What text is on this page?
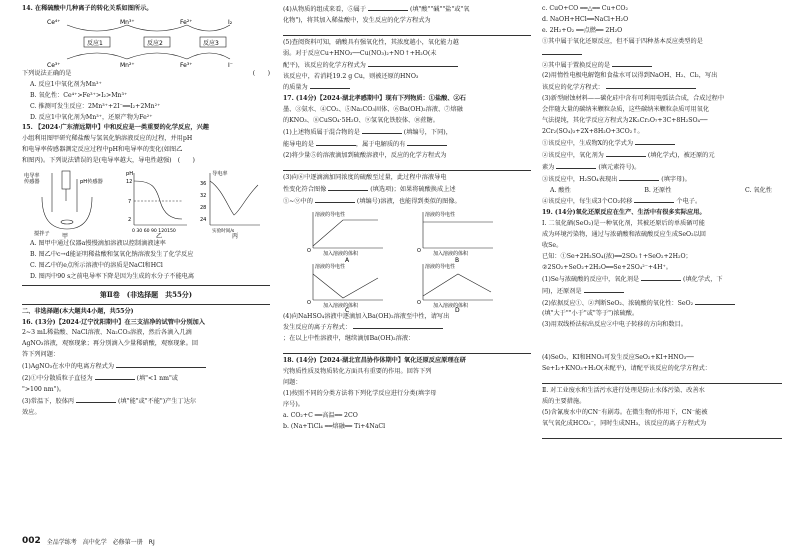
14. 在稀硫酸中几种离子的转化关系如图所示。
Ce⁴⁺
Ce³⁺
Mn³⁺
Mn²⁺
Fe²⁺
Fe³⁺
I₂
I⁻
反应1	反应2	反应3
下列说法正确的是	(　　)
A. 反应1中氧化剂为Mn³⁺
B. 氧化性：Ce⁴⁺>Fe³⁺>I₂>Mn³⁺
C. 推测可发生反应：2Mn³⁺+2I⁻══I₂+2Mn²⁺
D. 反应1中氧化剂为Mn³⁺，还原产物为Fe²⁺
15. 【2024·广东清远期中】中和反应是一类重要的化学反应，兴趣
小组利用图甲研究稀盐酸与氢氧化钠溶液反应的过程，并用pH
和电导率传感器测定反应过程中pH和电导率的变化(如图乙
和图丙)。下列说法错误的是(电导率越大，导电性越强)　(　　)
电导率
传感器	pH传感器
搅拌子
pH
12
7
2
0 30 60 90 120150
导电率
36
32
28
24
实验时间/s
甲	乙	丙
A. 图甲中通过仪器a慢慢滴加溶液以控制滴液速率
B. 图乙中c→d能证明稀盐酸和氢氧化钠溶液发生了化学反应
C. 图乙中的e点所示溶液中的溶质是NaCl和HCl
D. 图丙中90 s之前电导率下降是因为生成的水分子不能电离
第Ⅱ卷　(非选择题　共55分)
二、非选择题(本大题共4小题，共55分)
16. (13分)【2024·辽宁沈阳期中】在三支洁净的试管中分别加入
2~3 mL稀盐酸、NaCl溶液、Na₂CO₃溶液，然后各滴入几滴
AgNO₃溶液，观察现象；再分别滴入少量稀硝酸，观察现象。回
答下列问题：
(1)AgNO₃在水中的电离方程式为
(2)①中分散质粒子直径为	(填"<1 nm"或
">100 nm")。
(3)常温下，胶体丙	(填"能"或"不能")产生丁达尔
效应。
(4)从物质的组成来看，⑤属于	(填"酸""碱""盐"或"氧
化物")，将其加入稀盐酸中，发生反应的化学方程式为
(5)查阅资料可知，硝酸具有强氧化性，其浓度越小，氧化能力越
弱。对于反应Cu+HNO₃──Cu(NO₃)₂+NO↑+H₂O(未
配平)，该反应的化学方程式为
该反应中，若消耗19.2 g Cu，则被还原的HNO₃
的质量为
17. (14分)【2024·湖北孝感期中】现有下列物质：①盐酸、②石
墨、③氨水、④CO₂、⑤Na₂CO₃固体、⑥Ba(OH)₂溶液、⑦熔融
的KNO₃、⑧CuSO₄·5H₂O、⑨氢氧化铁胶体、⑩蔗糖。
(1)上述物质属于混合物的是	(填编号，下同)，
能导电的是	，属于电解质的有
(2)将少量⑤的溶液滴加到硫酸溶液中，反应的化学方程式为
(3)向⑥中逐滴滴加同浓度的硫酸至过量，此过程中溶液导电
性变化符合图像	(填选项)；如果将硫酸换成上述
①~⑨中的	(填编号)溶液，也能得到类似的图像。
溶液的导电性	溶液的导电性
溶液的导电性	溶液的导电性
加入溶液的体积	加入溶液的体积
加入溶液的体积	加入溶液的体积
O	O
O	O
A	B
C	D
(4)向NaHSO₄溶液中逐滴加入Ba(OH)₂溶液至中性，请写出
发生反应的离子方程式：
；在以上中性溶液中，继续滴加Ba(OH)₂溶液：
18. (14分)【2024·湖北宜昌协作体期中】氧化还原反应原理在研
究物质性质及物质转化方面具有重要的作用。回答下列
问题：
(1)按照不同的分类方法将下列化学反应进行分类(填字母
序号)。
a. CO₂+C ══高温══ 2CO
b. (Na+TiCl₄ ══熔融══ Ti+4NaCl
c. CuO+CO ══△══ Cu+CO₂
d. NaOH+HCl══NaCl+H₂O
e. 2H₂+O₂ ══点燃══ 2H₂O
①其中属于氧化还原反应，但不属于四种基本反应类型的是
②其中属于置换反应的是
(2)用惰性电极电解饱和食盐水可以得到NaOH、H₂、Cl₂，写出
该反应的化学方程式：
(3)新型耐蚀材料——碳化硅中含有可利用电弧法合成，合成过程中
会伴随大量的碳纳米颗粒杂质，这些碳纳米颗粒杂质可用氧化
气法提纯，其化学反应方程式为2K₂Cr₂O₇+3C+8H₂SO₄──
2Cr₂(SO₄)₃+2X+8H₂O+3CO₂↑。
①该反应中，生成物X的化学式为
②该反应中，氧化剂为	(填化学式)，被还原的元
素为	(填元素符号)。
③该反应中，H₂SO₄表现出	(填字母)。
A. 酸性	B. 还原性	C. 氧化性
④该反应中，每生成3个CO₂转移	个电子。
19. (14分)氧化还原反应在生产、生活中有很多实际应用。
Ⅰ. 二氧化硒(SeO₂)是一种氧化剂，其被还原后的单质硒可能
成为环境污染物，通过与浓硝酸和浓硫酸反应生成SeO₂以回
收Se。
已知：①Se+2H₂SO₄(浓)══2SO₂↑+SeO₂+2H₂O；
②2SO₂+SeO₂+2H₂O══Se+2SO₄²⁻+4H⁺。
(1)Se与浓硫酸的反应中，氧化剂是	(填化学式，下
同)，还原剂是
(2)依据反应①、②判断SeO₂、浓硫酸的氧化性：SeO₂
(填"大于""小于"或"等于")浓硫酸。
(3)用双线桥法标出反应②中电子转移的方向和数目。
(4)SeO₂、KI和HNO₃可发生反应SeO₂+KI+HNO₃──
Se+I₂+KNO₃+H₂O(未配平)，请配平该反应的化学方程式：
Ⅱ. 对工业废水和生活污水进行处理是防止水体污染、改善水
质的主要措施。
(5)含氰废水中的CN⁻有剧毒。在微生物的作用下，CN⁻能被
氧气氧化成HCO₃⁻，同时生成NH₃，该反应的离子方程式为
002 全品学练考　高中化学　必修第一册　RJ
